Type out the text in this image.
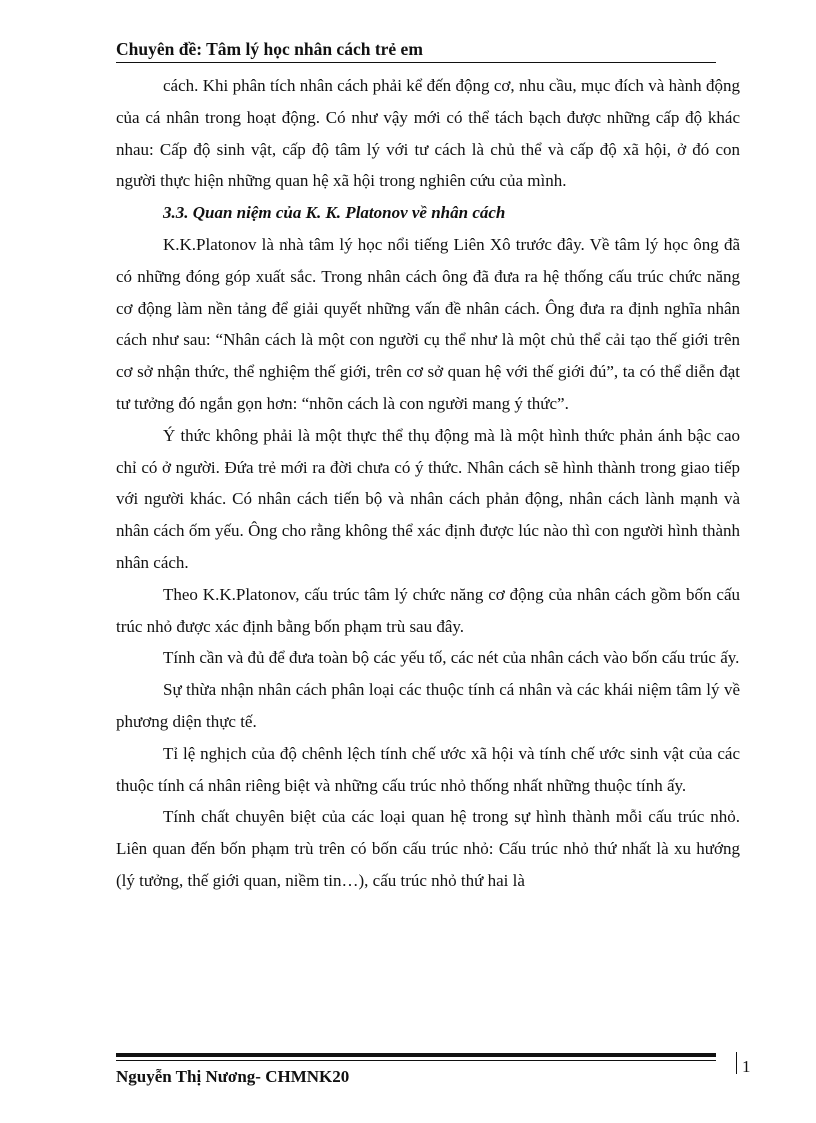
Chuyên đề: Tâm lý học nhân cách trẻ em

cách. Khi phân tích nhân cách phải kể đến động cơ, nhu cầu, mục đích và hành động của cá nhân trong hoạt động. Có như vậy mới có thể tách bạch được những cấp độ khác nhau: Cấp độ sinh vật, cấp độ tâm lý với tư cách là chủ thể và cấp độ xã hội, ở đó con người thực hiện những quan hệ xã hội trong nghiên cứu của mình.

3.3. Quan niệm của K. K. Platonov về nhân cách

K.K.Platonov là nhà tâm lý học nổi tiếng Liên Xô trước đây. Về tâm lý học ông đã có những đóng góp xuất sắc. Trong nhân cách ông đã đưa ra hệ thống cấu trúc chức năng cơ động làm nền tảng để giải quyết những vấn đề nhân cách. Ông đưa ra định nghĩa nhân cách như sau: “Nhân cách là một con người cụ thể như là một chủ thể cải tạo thế giới trên cơ sở nhận thức, thể nghiệm thế giới, trên cơ sở quan hệ với thế giới đú”, ta có thể diễn đạt tư tưởng đó ngắn gọn hơn: “nhõn cách là con người mang ý thức”.

Ý thức không phải là một thực thể thụ động mà là một hình thức phản ánh bậc cao chỉ có ở người. Đứa trẻ mới ra đời chưa có ý thức. Nhân cách sẽ hình thành trong giao tiếp với người khác. Có nhân cách tiến bộ và nhân cách phản động, nhân cách lành mạnh và nhân cách ốm yếu. Ông cho rằng không thể xác định được lúc nào thì con người hình thành nhân cách.

Theo K.K.Platonov, cấu trúc tâm lý chức năng cơ động của nhân cách gồm bốn cấu trúc nhỏ được xác định bằng bốn phạm trù sau đây.

Tính cần và đủ để đưa toàn bộ các yếu tố, các nét của nhân cách vào bốn cấu trúc ấy.

Sự thừa nhận nhân cách phân loại các thuộc tính cá nhân và các khái niệm tâm lý về phương diện thực tế.

Tỉ lệ nghịch của độ chênh lệch tính chế ước xã hội và tính chế ước sinh vật của các thuộc tính cá nhân riêng biệt và những cấu trúc nhỏ thống nhất những thuộc tính ấy.

Tính chất chuyên biệt của các loại quan hệ trong sự hình thành mỗi cấu trúc nhỏ. Liên quan đến bốn phạm trù trên có bốn cấu trúc nhỏ: Cấu trúc nhỏ thứ nhất là xu hướng (lý tưởng, thế giới quan, niềm tin…), cấu trúc nhỏ thứ hai là

Nguyễn Thị Nương- CHMNK20
1
